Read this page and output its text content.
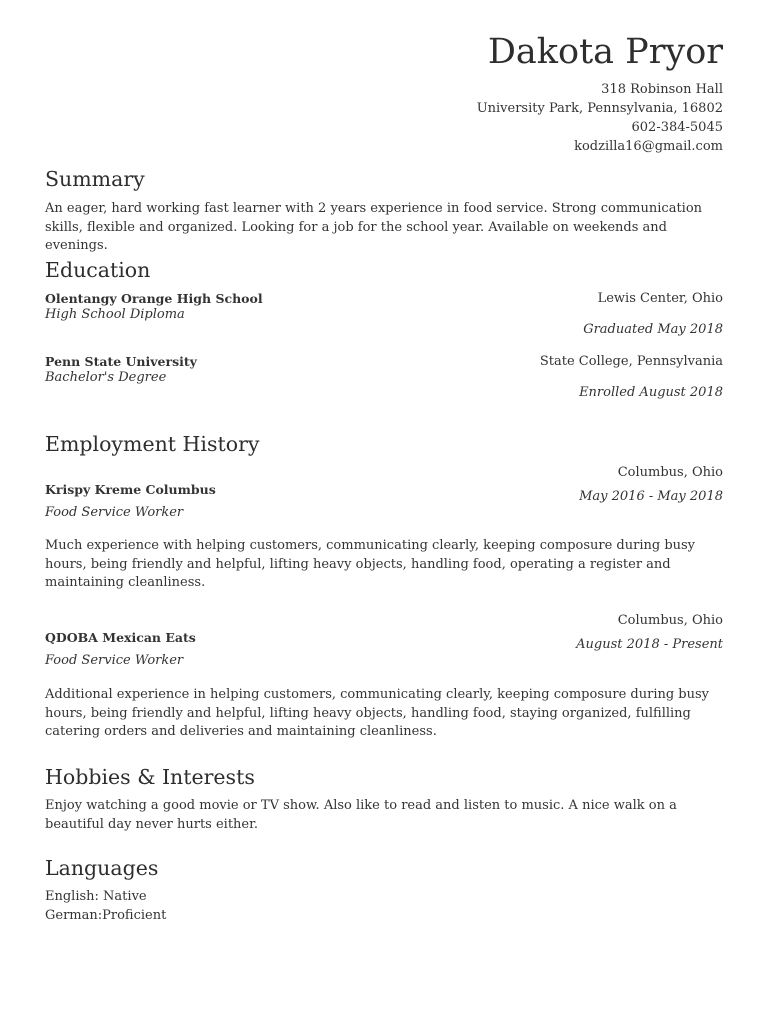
Dakota Pryor
318 Robinson Hall
University Park, Pennsylvania, 16802
602-384-5045
kodzilla16@gmail.com
Summary

An eager, hard working fast learner with 2 years experience in food service. Strong communication skills, flexible and organized. Looking for a job for the school year. Available on weekends and evenings.

Education
Olentangy Orange High School	Lewis Center, Ohio
High School Diploma
Graduated May 2018
Penn State University	State College, Pennsylvania
Bachelor's Degree
Enrolled August 2018
Employment History
Columbus, Ohio
Krispy Kreme Columbus	May 2016 - May 2018
Food Service Worker

Much experience with helping customers, communicating clearly, keeping composure during busy hours, being friendly and helpful, lifting heavy objects, handling food, operating a register and maintaining cleanliness.

Columbus, Ohio
QDOBA Mexican Eats	August 2018 - Present
Food Service Worker

Additional experience in helping customers, communicating clearly, keeping composure during busy hours, being friendly and helpful, lifting heavy objects, handling food, staying organized, fulfilling catering orders and deliveries and maintaining cleanliness.

Hobbies & Interests

Enjoy watching a good movie or TV show. Also like to read and listen to music. A nice walk on a beautiful day never hurts either.

Languages
English: Native
German:Proficient
